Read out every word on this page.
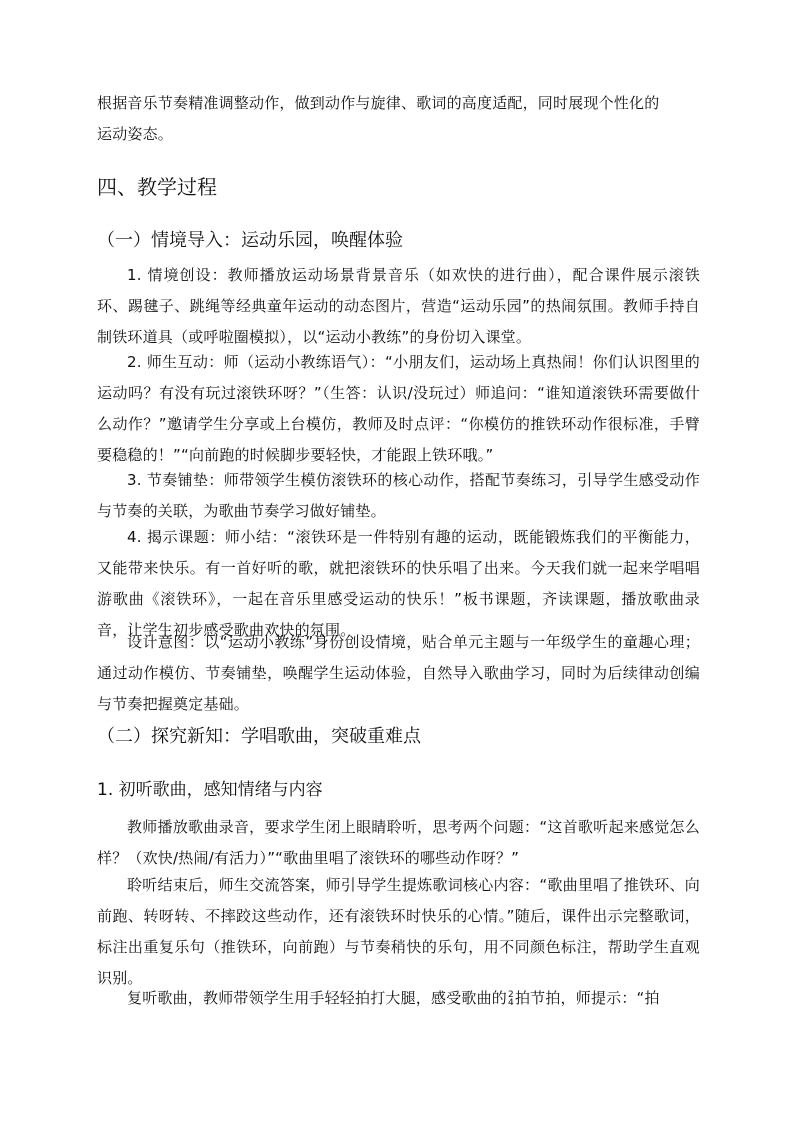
根据音乐节奏精准调整动作，做到动作与旋律、歌词的高度适配，同时展现个性化的
运动姿态。
四、教学过程
（一）情境导入：运动乐园，唤醒体验
1. 情境创设：教师播放运动场景背景音乐（如欢快的进行曲），配合课件展示滚铁环、踢毽子、跳绳等经典童年运动的动态图片，营造“运动乐园”的热闹氛围。教师手持自制铁环道具（或呼啦圈模拟），以“运动小教练”的身份切入课堂。
2. 师生互动：师（运动小教练语气）：“小朋友们，运动场上真热闹！你们认识图里的运动吗？有没有玩过滚铁环呀？”（生答：认识/没玩过）师追问：“谁知道滚铁环需要做什么动作？”邀请学生分享或上台模仿，教师及时点评：“你模仿的推铁环动作很标准，手臂要稳稳的！”“向前跑的时候脚步要轻快，才能跟上铁环哦。”
3. 节奏铺垫：师带领学生模仿滚铁环的核心动作，搭配节奏练习，引导学生感受动作与节奏的关联，为歌曲节奏学习做好铺垫。
4. 揭示课题：师小结：“滚铁环是一件特别有趣的运动，既能锻炼我们的平衡能力，又能带来快乐。有一首好听的歌，就把滚铁环的快乐唱了出来。今天我们就一起来学唱唱游歌曲《滚铁环》，一起在音乐里感受运动的快乐！”板书课题，齐读课题，播放歌曲录音，让学生初步感受歌曲欢快的氛围。
设计意图：以“运动小教练”身份创设情境，贴合单元主题与一年级学生的童趣心理；通过动作模仿、节奏铺垫，唤醒学生运动体验，自然导入歌曲学习，同时为后续律动创编与节奏把握奠定基础。
（二）探究新知：学唱歌曲，突破重难点
1. 初听歌曲，感知情绪与内容
教师播放歌曲录音，要求学生闭上眼睛聆听，思考两个问题：“这首歌听起来感觉怎么样？（欢快/热闹/有活力）”“歌曲里唱了滚铁环的哪些动作呀？”
聆听结束后，师生交流答案，师引导学生提炼歌词核心内容：“歌曲里唱了推铁环、向前跑、转呀转、不摔跤这些动作，还有滚铁环时快乐的心情。”随后，课件出示完整歌词，标注出重复乐句（推铁环，向前跑）与节奏稍快的乐句，用不同颜色标注，帮助学生直观识别。
复听歌曲，教师带领学生用手轻轻拍打大腿，感受歌曲的 2
4 拍节拍，师提示：“拍
